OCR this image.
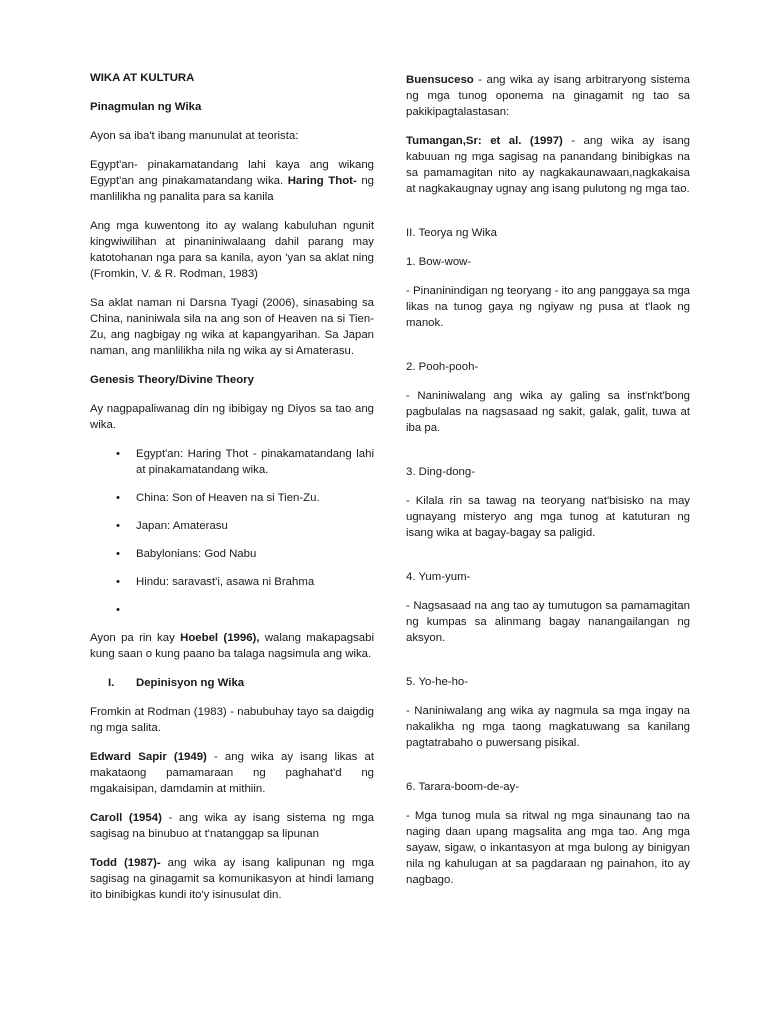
WIKA AT KULTURA

Pinagmulan ng Wika

Ayon sa iba't ibang manunulat at teorista:

Egypt'an- pinakamatandang lahi kaya ang wikang Egypt'an ang pinakamatandang wika. Haring Thot- ng manlilikha ng panalita para sa kanila

Ang mga kuwentong ito ay walang kabuluhan ngunit kingwiwilihan at pinaniniwalaang dahil parang may katotohanan nga para sa kanila, ayon 'yan sa aklat ning (Fromkin, V. & R. Rodman, 1983)

Sa aklat naman ni Darsna Tyagi (2006), sinasabing sa China, naniniwala sila na ang son of Heaven na si Tien-Zu, ang nagbigay ng wika at kapangyarihan. Sa Japan naman, ang manlilikha nila ng wika ay si Amaterasu.

Genesis Theory/Divine Theory

Ay nagpapaliwanag din ng ibibigay ng Diyos sa tao ang wika.

• Egypt'an: Haring Thot - pinakamatandang lahi at pinakamatandang wika.
• China: Son of Heaven na si Tien-Zu.
• Japan: Amaterasu
• Babylonians: God Nabu
• Hindu: saravast'i, asawa ni Brahma
•

Ayon pa rin kay Hoebel (1996), walang makapagsabi kung saan o kung paano ba talaga nagsimula ang wika.

I.	Depinisyon ng Wika

Fromkin at Rodman (1983) - nabubuhay tayo sa daigdig ng mga salita.

Edward Sapir (1949) - ang wika ay isang likas at makataong pamamaraan ng paghahat'd ng mgakaisipan, damdamin at mithiin.

Caroll (1954) - ang wika ay isang sistema ng mga sagisag na binubuo at t'natanggap sa lipunan

Todd (1987)- ang wika ay isang kalipunan ng mga sagisag na ginagamit sa komunikasyon at hindi lamang ito binibigkas kundi ito'y isinusulat din.

Buensuceso - ang wika ay isang arbitraryong sistema ng mga tunog oponema na ginagamit ng tao sa pakikipagtalastasan:

Tumangan,Sr: et al. (1997) - ang wika ay isang kabuuan ng mga sagisag na panandang binibigkas na sa pamamagitan nito ay nagkakaunawaan,nagkakaisa at nagkakaugnay ugnay ang isang pulutong ng mga tao.

II. Teorya ng Wika

1. Bow-wow-

- Pinaninindigan ng teoryang - ito ang panggaya sa mga likas na tunog gaya ng ngiyaw ng pusa at t'laok ng manok.

2. Pooh-pooh-

- Naniniwalang ang wika ay galing sa inst'nkt'bong pagbulalas na nagsasaad ng sakit, galak, galit, tuwa at iba pa.

3. Ding-dong-

- Kilala rin sa tawag na teoryang nat'bisisko na may ugnayang misteryo ang mga tunog at katuturan ng isang wika at bagay-bagay sa paligid.

4. Yum-yum-

- Nagsasaad na ang tao ay tumutugon sa pamamagitan ng kumpas sa alinmang bagay nanangailangan ng aksyon.

5. Yo-he-ho-

- Naniniwalang ang wika ay nagmula sa mga ingay na nakalikha ng mga taong magkatuwang sa kanilang pagtatrabaho o puwersang pisikal.

6. Tarara-boom-de-ay-

- Mga tunog mula sa ritwal ng mga sinaunang tao na naging daan upang magsalita ang mga tao. Ang mga sayaw, sigaw, o inkantasyon at mga bulong ay binigyan nila ng kahulugan at sa pagdaraan ng painahon, ito ay nagbago.
